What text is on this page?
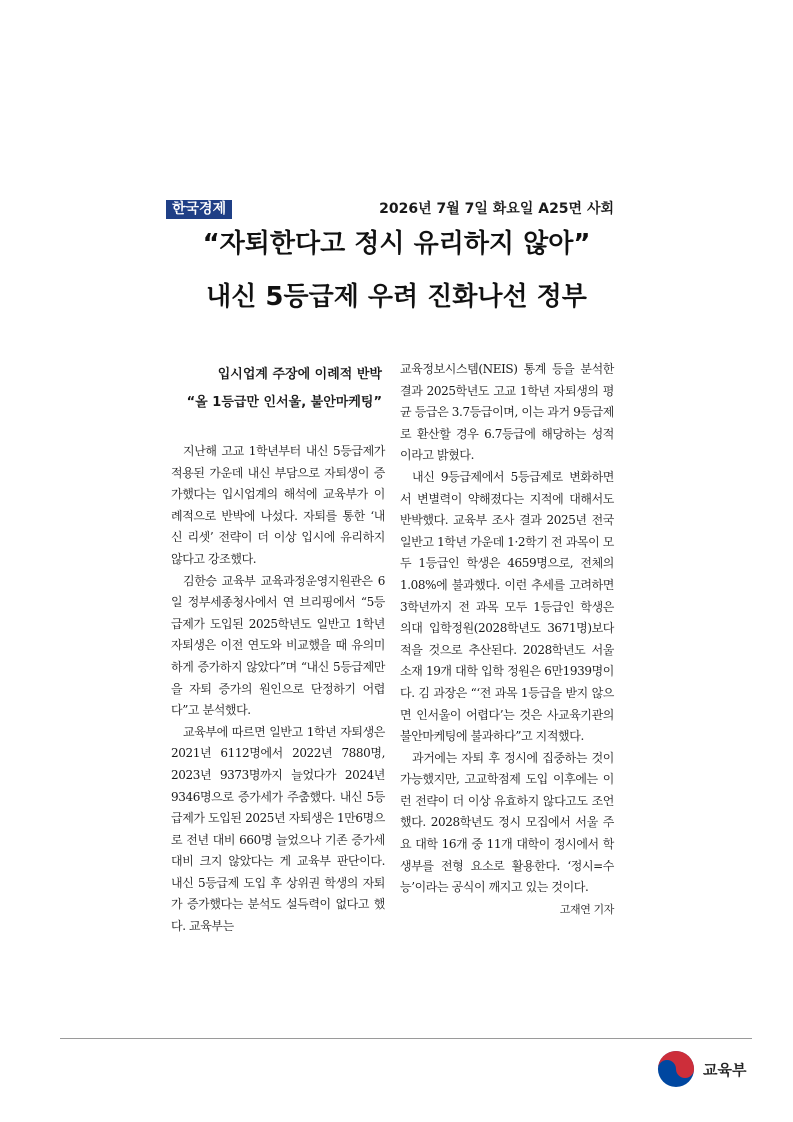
한국경제	2026년 7월 7일 화요일 A25면 사회
“자퇴한다고 정시 유리하지 않아”
내신 5등급제 우려 진화나선 정부
입시업계 주장에 이례적 반박
“올 1등급만 인서울, 불안마케팅”

지난해 고교 1학년부터 내신 5등급제가 적용된 가운데 내신 부담으로 자퇴생이 증가했다는 입시업계의 해석에 교육부가 이례적으로 반박에 나섰다. 자퇴를 통한 ‘내신 리셋’ 전략이 더 이상 입시에 유리하지 않다고 강조했다.

김한승 교육부 교육과정운영지원관은 6일 정부세종청사에서 연 브리핑에서 “5등급제가 도입된 2025학년도 일반고 1학년 자퇴생은 이전 연도와 비교했을 때 유의미하게 증가하지 않았다”며 “내신 5등급제만을 자퇴 증가의 원인으로 단정하기 어렵다”고 분석했다.

교육부에 따르면 일반고 1학년 자퇴생은 2021년 6112명에서 2022년 7880명, 2023년 9373명까지 늘었다가 2024년 9346명으로 증가세가 주춤했다. 내신 5등급제가 도입된 2025년 자퇴생은 1만6명으로 전년 대비 660명 늘었으나 기존 증가세 대비 크지 않았다는 게 교육부 판단이다. 내신 5등급제 도입 후 상위권 학생의 자퇴가 증가했다는 분석도 설득력이 없다고 했다. 교육부는

교육정보시스템(NEIS) 통계 등을 분석한 결과 2025학년도 고교 1학년 자퇴생의 평균 등급은 3.7등급이며, 이는 과거 9등급제로 환산할 경우 6.7등급에 해당하는 성적이라고 밝혔다.

내신 9등급제에서 5등급제로 변화하면서 변별력이 약해졌다는 지적에 대해서도 반박했다. 교육부 조사 결과 2025년 전국 일반고 1학년 가운데 1·2학기 전 과목이 모두 1등급인 학생은 4659명으로, 전체의 1.08%에 불과했다. 이런 추세를 고려하면 3학년까지 전 과목 모두 1등급인 학생은 의대 입학정원(2028학년도 3671명)보다 적을 것으로 추산된다. 2028학년도 서울 소재 19개 대학 입학 정원은 6만1939명이다. 김 과장은 “‘전 과목 1등급을 받지 않으면 인서울이 어렵다’는 것은 사교육기관의 불안마케팅에 불과하다”고 지적했다.

과거에는 자퇴 후 정시에 집중하는 것이 가능했지만, 고교학점제 도입 이후에는 이런 전략이 더 이상 유효하지 않다고도 조언했다. 2028학년도 정시 모집에서 서울 주요 대학 16개 중 11개 대학이 정시에서 학생부를 전형 요소로 활용한다. ‘정시=수능’이라는 공식이 깨지고 있는 것이다.
고재연 기자

교육부
